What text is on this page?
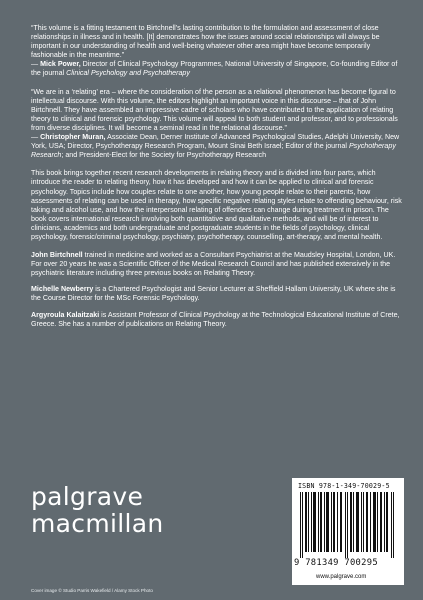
“This volume is a fitting testament to Birtchnell’s lasting contribution to the formulation and assessment of close relationships in illness and in health. [It] demonstrates how the issues around social relationships will always be important in our understanding of health and well-being whatever other area might have become temporarily fashionable in the meantime.”
— Mick Power, Director of Clinical Psychology Programmes, National University of Singapore, Co-founding Editor of the journal Clinical Psychology and Psychotherapy

“We are in a ‘relating’ era – where the consideration of the person as a relational phenomenon has become figural to intellectual discourse. With this volume, the editors highlight an important voice in this discourse – that of John Birtchnell. They have assembled an impressive cadre of scholars who have contributed to the application of relating theory to clinical and forensic psychology. This volume will appeal to both student and professor, and to professionals from diverse disciplines. It will become a seminal read in the relational discourse.”
— Christopher Muran, Associate Dean, Derner Institute of Advanced Psychological Studies, Adelphi University, New York, USA; Director, Psychotherapy Research Program, Mount Sinai Beth Israel; Editor of the journal Psychotherapy Research; and President-Elect for the Society for Psychotherapy Research

This book brings together recent research developments in relating theory and is divided into four parts, which introduce the reader to relating theory, how it has developed and how it can be applied to clinical and forensic psychology. Topics include how couples relate to one another, how young people relate to their parents, how assessments of relating can be used in therapy, how specific negative relating styles relate to offending behaviour, risk taking and alcohol use, and how the interpersonal relating of offenders can change during treatment in prison. The book covers international research involving both quantitative and qualitative methods, and will be of interest to clinicians, academics and both undergraduate and postgraduate students in the fields of psychology, clinical psychology, forensic/criminal psychology, psychiatry, psychotherapy, counselling, art-therapy, and mental health.

John Birtchnell trained in medicine and worked as a Consultant Psychiatrist at the Maudsley Hospital, London, UK. For over 20 years he was a Scientific Officer of the Medical Research Council and has published extensively in the psychiatric literature including three previous books on Relating Theory.

Michelle Newberry is a Chartered Psychologist and Senior Lecturer at Sheffield Hallam University, UK where she is the Course Director for the MSc Forensic Psychology.

Argyroula Kalaitzaki is Assistant Professor of Clinical Psychology at the Technological Educational Institute of Crete, Greece. She has a number of publications on Relating Theory.

palgrave
macmillan
Cover image © Studio Parris Wakefield / Alamy Stock Photo
ISBN 978-1-349-70029-5
9 781349 700295
www.palgrave.com
